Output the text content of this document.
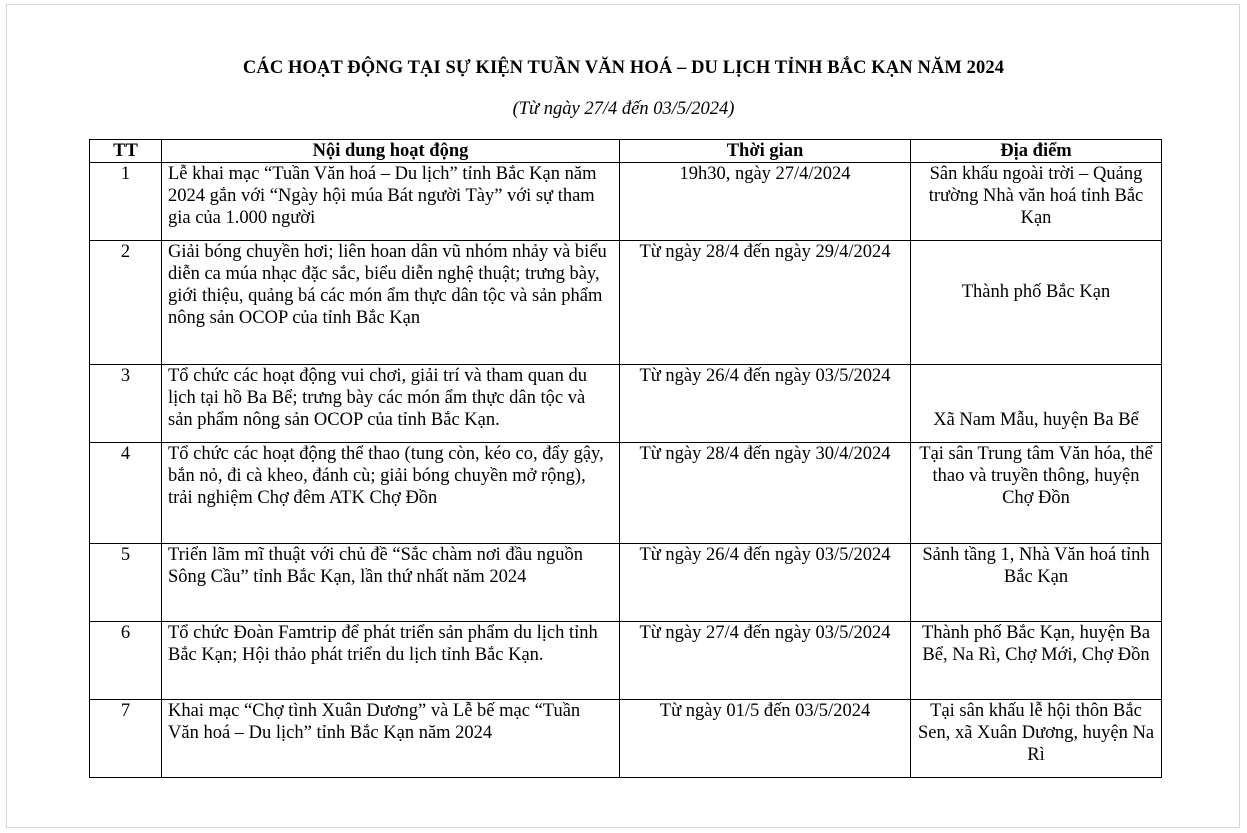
CÁC HOẠT ĐỘNG TẠI SỰ KIỆN TUẦN VĂN HOÁ – DU LỊCH TỈNH BẮC KẠN NĂM 2024
(Từ ngày 27/4 đến 03/5/2024)
TT	Nội dung hoạt động	Thời gian	Địa điểm
1	Lễ khai mạc “Tuần Văn hoá – Du lịch” tỉnh Bắc Kạn năm 2024 gắn với “Ngày hội múa Bát người Tày” với sự tham gia của 1.000 người	19h30, ngày 27/4/2024	Sân khấu ngoài trời – Quảng trường Nhà văn hoá tỉnh Bắc Kạn
2	Giải bóng chuyền hơi; liên hoan dân vũ nhóm nhảy và biểu diễn ca múa nhạc đặc sắc, biểu diễn nghệ thuật; trưng bày, giới thiệu, quảng bá các món ẩm thực dân tộc và sản phẩm nông sản OCOP của tỉnh Bắc Kạn	Từ ngày 28/4 đến ngày 29/4/2024	Thành phố Bắc Kạn
3	Tổ chức các hoạt động vui chơi, giải trí và tham quan du lịch tại hồ Ba Bể; trưng bày các món ẩm thực dân tộc và sản phẩm nông sản OCOP của tỉnh Bắc Kạn.	Từ ngày 26/4 đến ngày 03/5/2024	Xã Nam Mẫu, huyện Ba Bể
4	Tổ chức các hoạt động thể thao (tung còn, kéo co, đẩy gậy, bắn nỏ, đi cà kheo, đánh cù; giải bóng chuyền mở rộng), trải nghiệm Chợ đêm ATK Chợ Đồn	Từ ngày 28/4 đến ngày 30/4/2024	Tại sân Trung tâm Văn hóa, thể thao và truyền thông, huyện Chợ Đồn
5	Triển lãm mĩ thuật với chủ đề “Sắc chàm nơi đầu nguồn Sông Cầu” tỉnh Bắc Kạn, lần thứ nhất năm 2024	Từ ngày 26/4 đến ngày 03/5/2024	Sảnh tầng 1, Nhà Văn hoá tỉnh Bắc Kạn
6	Tổ chức Đoàn Famtrip để phát triển sản phẩm du lịch tỉnh Bắc Kạn; Hội thảo phát triển du lịch tỉnh Bắc Kạn.	Từ ngày 27/4 đến ngày 03/5/2024	Thành phố Bắc Kạn, huyện Ba Bể, Na Rì, Chợ Mới, Chợ Đồn
7	Khai mạc “Chợ tình Xuân Dương” và Lễ bế mạc “Tuần Văn hoá – Du lịch” tỉnh Bắc Kạn năm 2024	Từ ngày 01/5 đến 03/5/2024	Tại sân khấu lễ hội thôn Bắc Sen, xã Xuân Dương, huyện Na Rì
